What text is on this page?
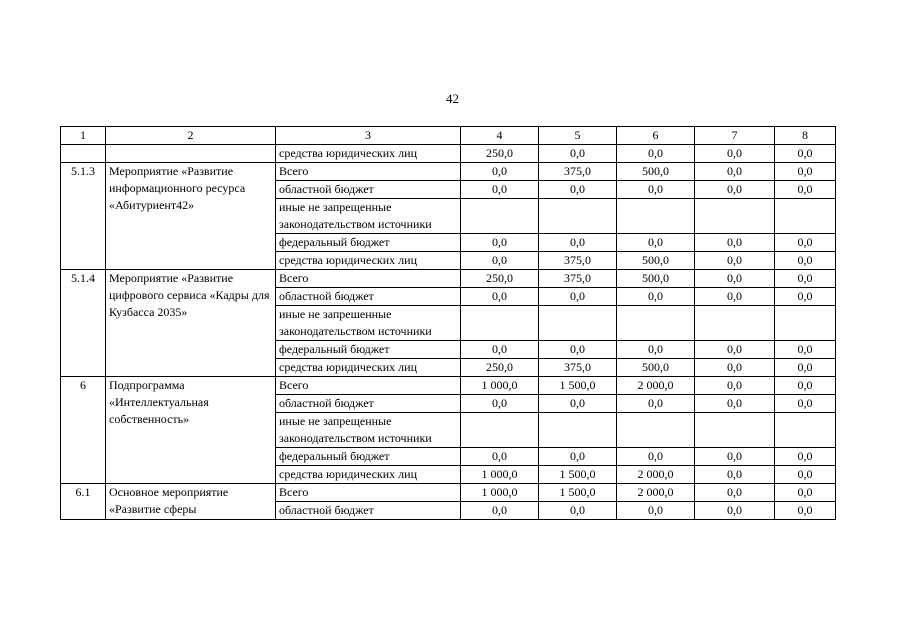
42
1	2	3	4	5	6	7	8
		средства юридических лиц	250,0	0,0	0,0	0,0	0,0
5.1.3	Мероприятие «Развитие информационного ресурса «Абитуриент42»	Всего	0,0	375,0	500,0	0,0	0,0
		областной бюджет	0,0	0,0	0,0	0,0	0,0
		иные не запрещенные законодательством источники					
		федеральный бюджет	0,0	0,0	0,0	0,0	0,0
		средства юридических лиц	0,0	375,0	500,0	0,0	0,0
5.1.4	Мероприятие «Развитие цифрового сервиса «Кадры для Кузбасса 2035»	Всего	250,0	375,0	500,0	0,0	0,0
		областной бюджет	0,0	0,0	0,0	0,0	0,0
		иные не запрешенные законодательством источники					
		федеральный бюджет	0,0	0,0	0,0	0,0	0,0
		средства юридических лиц	250,0	375,0	500,0	0,0	0,0
6	Подпрограмма «Интеллектуальная собственность»	Всего	1 000,0	1 500,0	2 000,0	0,0	0,0
		областной бюджет	0,0	0,0	0,0	0,0	0,0
		иные не запрещенные законодательством источники					
		федеральный бюджет	0,0	0,0	0,0	0,0	0,0
		средства юридических лиц	1 000,0	1 500,0	2 000,0	0,0	0,0
6.1	Основное мероприятие «Развитие сферы	Всего	1 000,0	1 500,0	2 000,0	0,0	0,0
		областной бюджет	0,0	0,0	0,0	0,0	0,0
